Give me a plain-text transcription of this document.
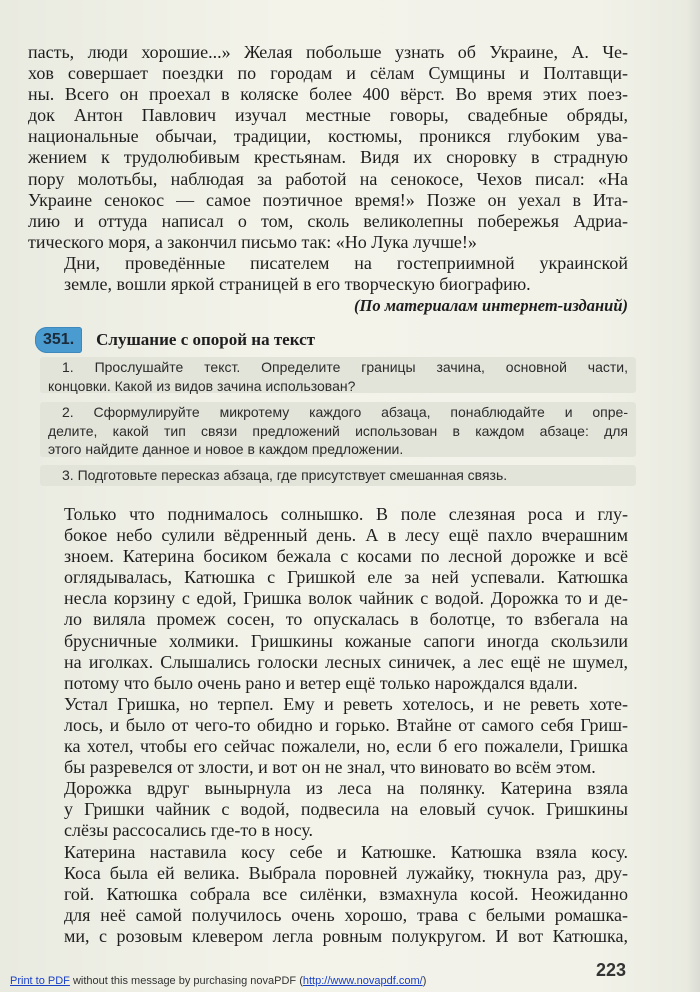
пасть, люди хорошие...» Желая побольше узнать об Украине, А. Че-
хов совершает поездки по городам и сёлам Сумщины и Полтавщи-
ны. Всего он проехал в коляске более 400 вёрст. Во время этих поез-
док Антон Павлович изучал местные говоры, свадебные обряды,
национальные обычаи, традиции, костюмы, проникся глубоким ува-
жением к трудолюбивым крестьянам. Видя их сноровку в страдную
пору молотьбы, наблюдая за работой на сенокосе, Чехов писал: «На
Украине сенокос — самое поэтичное время!» Позже он уехал в Ита-
лию и оттуда написал о том, сколь великолепны побережья Адриа-
тического моря, а закончил письмо так: «Но Лука лучше!»

Дни, проведённые писателем на гостеприимной украинской
земле, вошли яркой страницей в его творческую биографию.

(По материалам интернет-изданий)
351.	Слушание с опорой на текст
1. Прослушайте текст. Определите границы зачина, основной части,
концовки. Какой из видов зачина использован?
2. Сформулируйте микротему каждого абзаца, понаблюдайте и опре-
делите, какой тип связи предложений использован в каждом абзаце: для
этого найдите данное и новое в каждом предложении.
3. Подготовьте пересказ абзаца, где присутствует смешанная связь.

Только что поднималось солнышко. В поле слезяная роса и глу-
бокое небо сулили вёдренный день. А в лесу ещё пахло вчерашним
зноем. Катерина босиком бежала с косами по лесной дорожке и всё
оглядывалась, Катюшка с Гришкой еле за ней успевали. Катюшка
несла корзину с едой, Гришка волок чайник с водой. Дорожка то и де-
ло виляла промеж сосен, то опускалась в болотце, то взбегала на
брусничные холмики. Гришкины кожаные сапоги иногда скользили
на иголках. Слышались голоски лесных синичек, а лес ещё не шумел,
потому что было очень рано и ветер ещё только нарождался вдали.

Устал Гришка, но терпел. Ему и реветь хотелось, и не реветь хоте-
лось, и было от чего-то обидно и горько. Втайне от самого себя Гриш-
ка хотел, чтобы его сейчас пожалели, но, если б его пожалели, Гришка
бы разревелся от злости, и вот он не знал, что виновато во всём этом.

Дорожка вдруг вынырнула из леса на полянку. Катерина взяла
у Гришки чайник с водой, подвесила на еловый сучок. Гришкины
слёзы рассосались где-то в носу.

Катерина наставила косу себе и Катюшке. Катюшка взяла косу.
Коса была ей велика. Выбрала поровней лужайку, тюкнула раз, дру-
гой. Катюшка собрала все силёнки, взмахнула косой. Неожиданно
для неё самой получилось очень хорошо, трава с белыми ромашка-
ми, с розовым клевером легла ровным полукругом. И вот Катюшка,

223
Print to PDF without this message by purchasing novaPDF (http://www.novapdf.com/)
